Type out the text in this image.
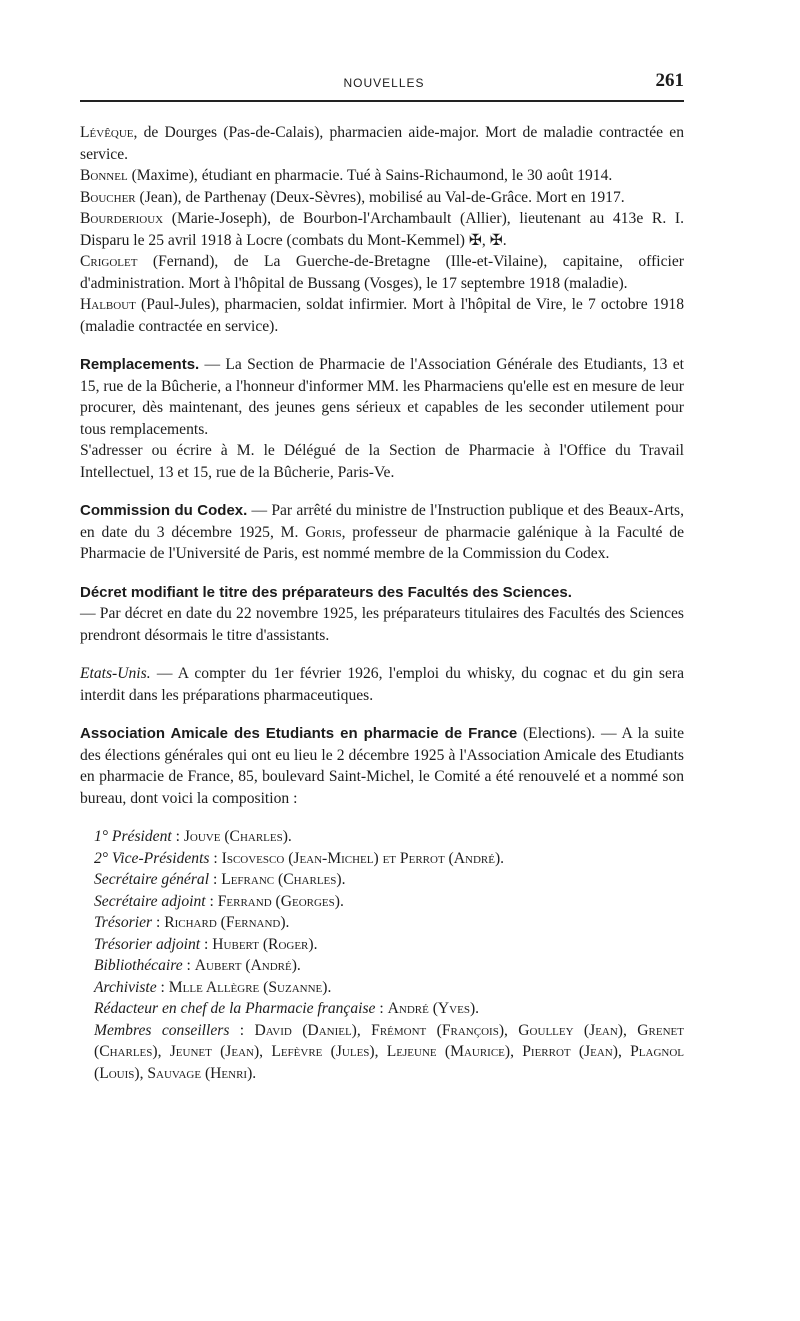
NOUVELLES	261

Lévêque, de Dourges (Pas-de-Calais), pharmacien aide-major. Mort de maladie contractée en service.

Bonnel (Maxime), étudiant en pharmacie. Tué à Sains-Richaumond, le 30 août 1914.

Boucher (Jean), de Parthenay (Deux-Sèvres), mobilisé au Val-de-Grâce. Mort en 1917.

Bourderioux (Marie-Joseph), de Bourbon-l'Archambault (Allier), lieutenant au 413e R. I. Disparu le 25 avril 1918 à Locre (combats du Mont-Kemmel) ✠, ✠.

Crigolet (Fernand), de La Guerche-de-Bretagne (Ille-et-Vilaine), capitaine, officier d'administration. Mort à l'hôpital de Bussang (Vosges), le 17 septembre 1918 (maladie).

Halbout (Paul-Jules), pharmacien, soldat infirmier. Mort à l'hôpital de Vire, le 7 octobre 1918 (maladie contractée en service).

Remplacements. — La Section de Pharmacie de l'Association Générale des Etudiants, 13 et 15, rue de la Bûcherie, a l'honneur d'informer MM. les Pharmaciens qu'elle est en mesure de leur procurer, dès maintenant, des jeunes gens sérieux et capables de les seconder utilement pour tous remplacements.

S'adresser ou écrire à M. le Délégué de la Section de Pharmacie à l'Office du Travail Intellectuel, 13 et 15, rue de la Bûcherie, Paris-Ve.

Commission du Codex. — Par arrêté du ministre de l'Instruction publique et des Beaux-Arts, en date du 3 décembre 1925, M. Goris, professeur de pharmacie galénique à la Faculté de Pharmacie de l'Université de Paris, est nommé membre de la Commission du Codex.

Décret modifiant le titre des préparateurs des Facultés des Sciences.

— Par décret en date du 22 novembre 1925, les préparateurs titulaires des Facultés des Sciences prendront désormais le titre d'assistants.

Etats-Unis. — A compter du 1er février 1926, l'emploi du whisky, du cognac et du gin sera interdit dans les préparations pharmaceutiques.

Association Amicale des Etudiants en pharmacie de France (Elections). — A la suite des élections générales qui ont eu lieu le 2 décembre 1925 à l'Association Amicale des Etudiants en pharmacie de France, 85, boulevard Saint-Michel, le Comité a été renouvelé et a nommé son bureau, dont voici la composition :

1° Président : Jouve (Charles).

2° Vice-Présidents : Iscovesco (Jean-Michel) et Perrot (André).

Secrétaire général : Lefranc (Charles).

Secrétaire adjoint : Ferrand (Georges).

Trésorier : Richard (Fernand).

Trésorier adjoint : Hubert (Roger).

Bibliothécaire : Aubert (André).

Archiviste : Mlle Allègre (Suzanne).

Rédacteur en chef de la Pharmacie française : André (Yves).

Membres conseillers : David (Daniel), Frémont (François), Goulley (Jean), Grenet (Charles), Jeunet (Jean), Lefèvre (Jules), Lejeune (Maurice), Pierrot (Jean), Plagnol (Louis), Sauvage (Henri).
